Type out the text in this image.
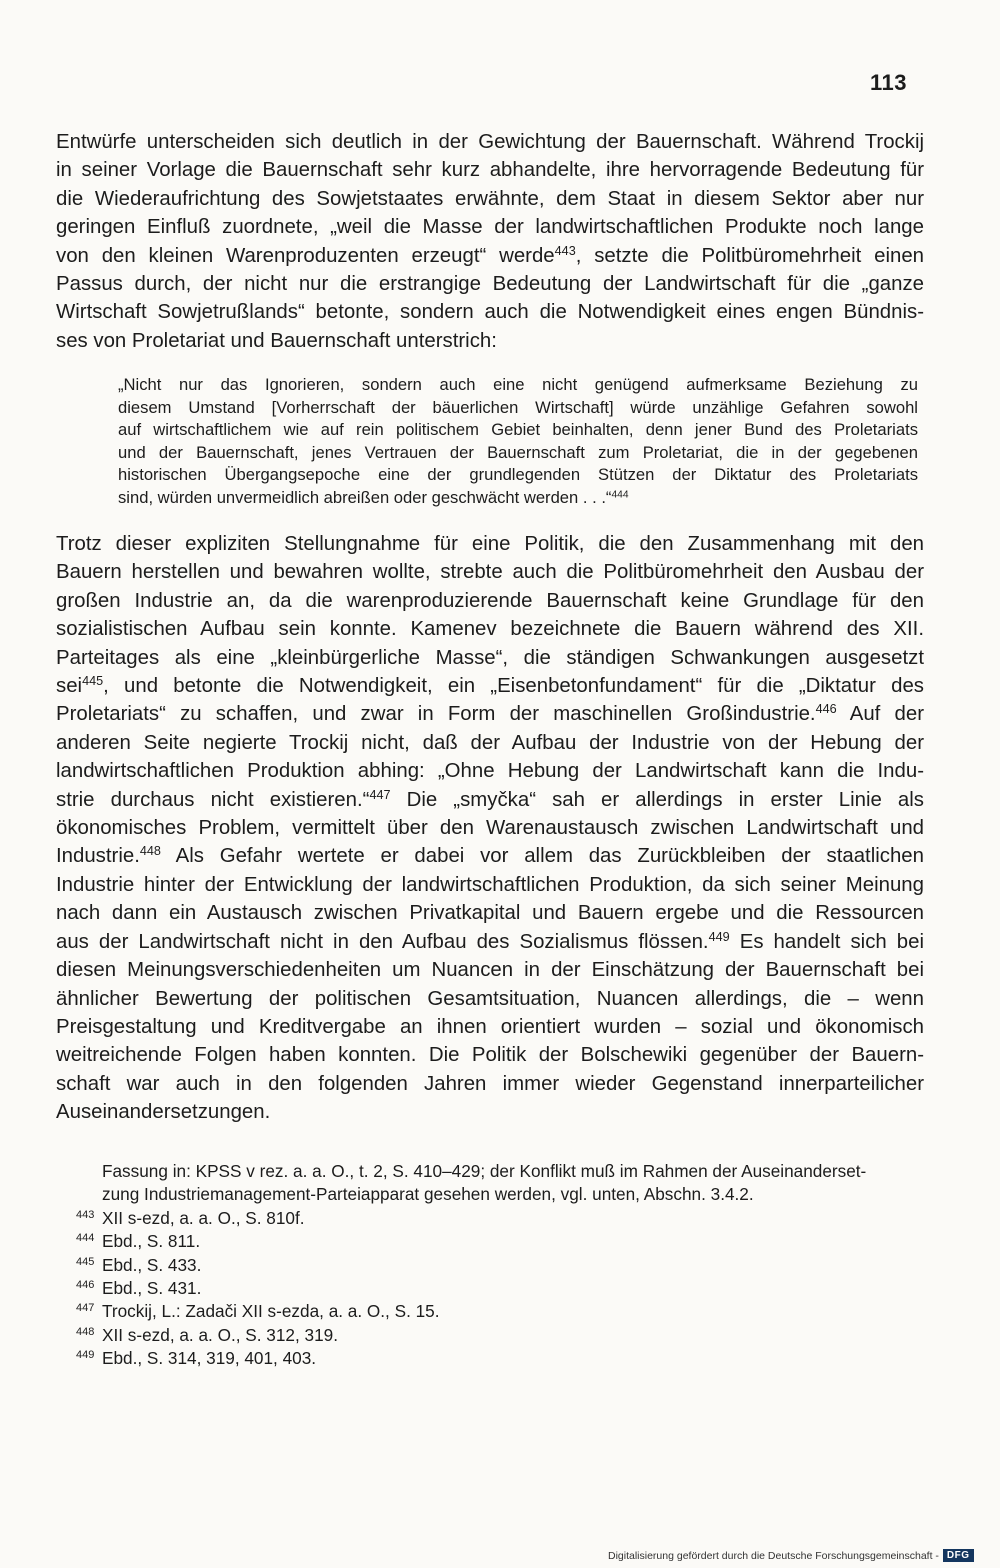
113

Entwürfe unterscheiden sich deutlich in der Gewichtung der Bauernschaft. Während Trockij
in seiner Vorlage die Bauernschaft sehr kurz abhandelte, ihre hervorragende Bedeutung für
die Wiederaufrichtung des Sowjetstaates erwähnte, dem Staat in diesem Sektor aber nur
geringen Einfluß zuordnete, „weil die Masse der landwirtschaftlichen Produkte noch lange
von den kleinen Warenproduzenten erzeugt“ werde$^{443}$, setzte die Politbüromehrheit einen
Passus durch, der nicht nur die erstrangige Bedeutung der Landwirtschaft für die „ganze
Wirtschaft Sowjetrußlands“ betonte, sondern auch die Notwendigkeit eines engen Bündnis-
ses von Proletariat und Bauernschaft unterstrich:

„Nicht nur das Ignorieren, sondern auch eine nicht genügend aufmerksame Beziehung zu
diesem Umstand [Vorherrschaft der bäuerlichen Wirtschaft] würde unzählige Gefahren sowohl
auf wirtschaftlichem wie auf rein politischem Gebiet beinhalten, denn jener Bund des Proletariats
und der Bauernschaft, jenes Vertrauen der Bauernschaft zum Proletariat, die in der gegebenen
historischen Übergangsepoche eine der grundlegenden Stützen der Diktatur des Proletariats
sind, würden unvermeidlich abreißen oder geschwächt werden . . .“$^{444}$

Trotz dieser expliziten Stellungnahme für eine Politik, die den Zusammenhang mit den
Bauern herstellen und bewahren wollte, strebte auch die Politbüromehrheit den Ausbau der
großen Industrie an, da die warenproduzierende Bauernschaft keine Grundlage für den
sozialistischen Aufbau sein konnte. Kamenev bezeichnete die Bauern während des XII.
Parteitages als eine „kleinbürgerliche Masse“, die ständigen Schwankungen ausgesetzt
sei$^{445}$, und betonte die Notwendigkeit, ein „Eisenbetonfundament“ für die „Diktatur des
Proletariats“ zu schaffen, und zwar in Form der maschinellen Großindustrie.$^{446}$ Auf der
anderen Seite negierte Trockij nicht, daß der Aufbau der Industrie von der Hebung der
landwirtschaftlichen Produktion abhing: „Ohne Hebung der Landwirtschaft kann die Indu-
strie durchaus nicht existieren.“$^{447}$ Die „smyčka“ sah er allerdings in erster Linie als
ökonomisches Problem, vermittelt über den Warenaustausch zwischen Landwirtschaft und
Industrie.$^{448}$ Als Gefahr wertete er dabei vor allem das Zurückbleiben der staatlichen
Industrie hinter der Entwicklung der landwirtschaftlichen Produktion, da sich seiner Meinung
nach dann ein Austausch zwischen Privatkapital und Bauern ergebe und die Ressourcen
aus der Landwirtschaft nicht in den Aufbau des Sozialismus flössen.$^{449}$ Es handelt sich bei
diesen Meinungsverschiedenheiten um Nuancen in der Einschätzung der Bauernschaft bei
ähnlicher Bewertung der politischen Gesamtsituation, Nuancen allerdings, die – wenn
Preisgestaltung und Kreditvergabe an ihnen orientiert wurden – sozial und ökonomisch
weitreichende Folgen haben konnten. Die Politik der Bolschewiki gegenüber der Bauern-
schaft war auch in den folgenden Jahren immer wieder Gegenstand innerparteilicher
Auseinandersetzungen.

Fassung in: KPSS v rez. a. a. O., t. 2, S. 410–429; der Konflikt muß im Rahmen der Auseinanderset-
zung Industriemanagement-Parteiapparat gesehen werden, vgl. unten, Abschn. 3.4.2.
443 XII s-ezd, a. a. O., S. 810f.
444 Ebd., S. 811.
445 Ebd., S. 433.
446 Ebd., S. 431.
447 Trockij, L.: Zadači XII s-ezda, a. a. O., S. 15.
448 XII s-ezd, a. a. O., S. 312, 319.
449 Ebd., S. 314, 319, 401, 403.
Digitalisierung gefördert durch die Deutsche Forschungsgemeinschaft - DFG
